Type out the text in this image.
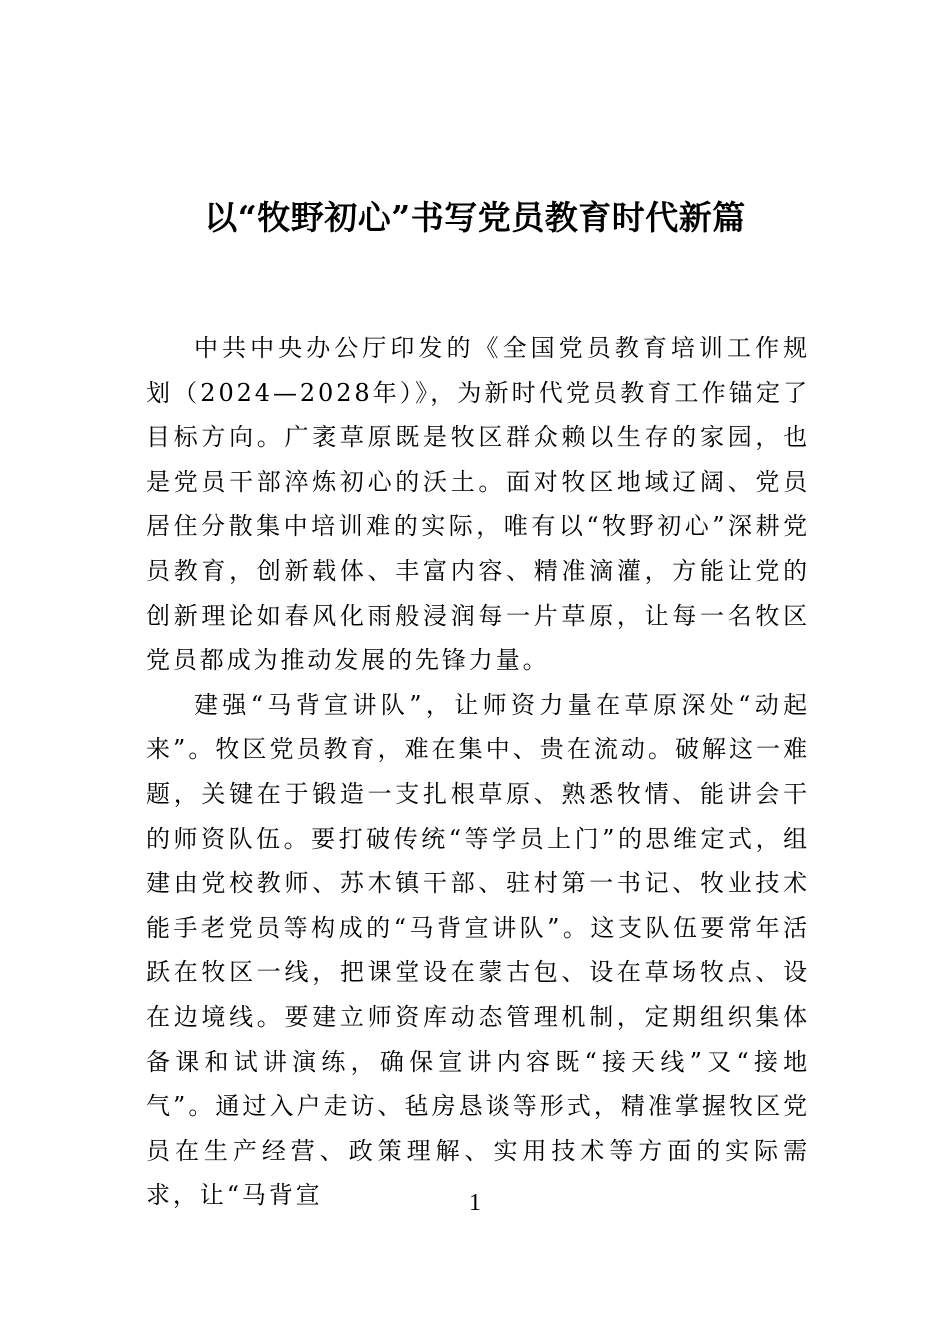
以“牧野初心”书写党员教育时代新篇

中共中央办公厅印发的《全国党员教育培训工作规划（2024—2028年）》，为新时代党员教育工作锚定了目标方向。广袤草原既是牧区群众赖以生存的家园，也是党员干部淬炼初心的沃土。面对牧区地域辽阔、党员居住分散集中培训难的实际，唯有以“牧野初心”深耕党员教育，创新载体、丰富内容、精准滴灌，方能让党的创新理论如春风化雨般浸润每一片草原，让每一名牧区党员都成为推动发展的先锋力量。

建强“马背宣讲队”，让师资力量在草原深处“动起来”。牧区党员教育，难在集中、贵在流动。破解这一难题，关键在于锻造一支扎根草原、熟悉牧情、能讲会干的师资队伍。要打破传统“等学员上门”的思维定式，组建由党校教师、苏木镇干部、驻村第一书记、牧业技术能手老党员等构成的“马背宣讲队”。这支队伍要常年活跃在牧区一线，把课堂设在蒙古包、设在草场牧点、设在边境线。要建立师资库动态管理机制，定期组织集体备课和试讲演练，确保宣讲内容既“接天线”又“接地气”。通过入户走访、毡房恳谈等形式，精准掌握牧区党员在生产经营、政策理解、实用技术等方面的实际需求，让“马背宣	1
